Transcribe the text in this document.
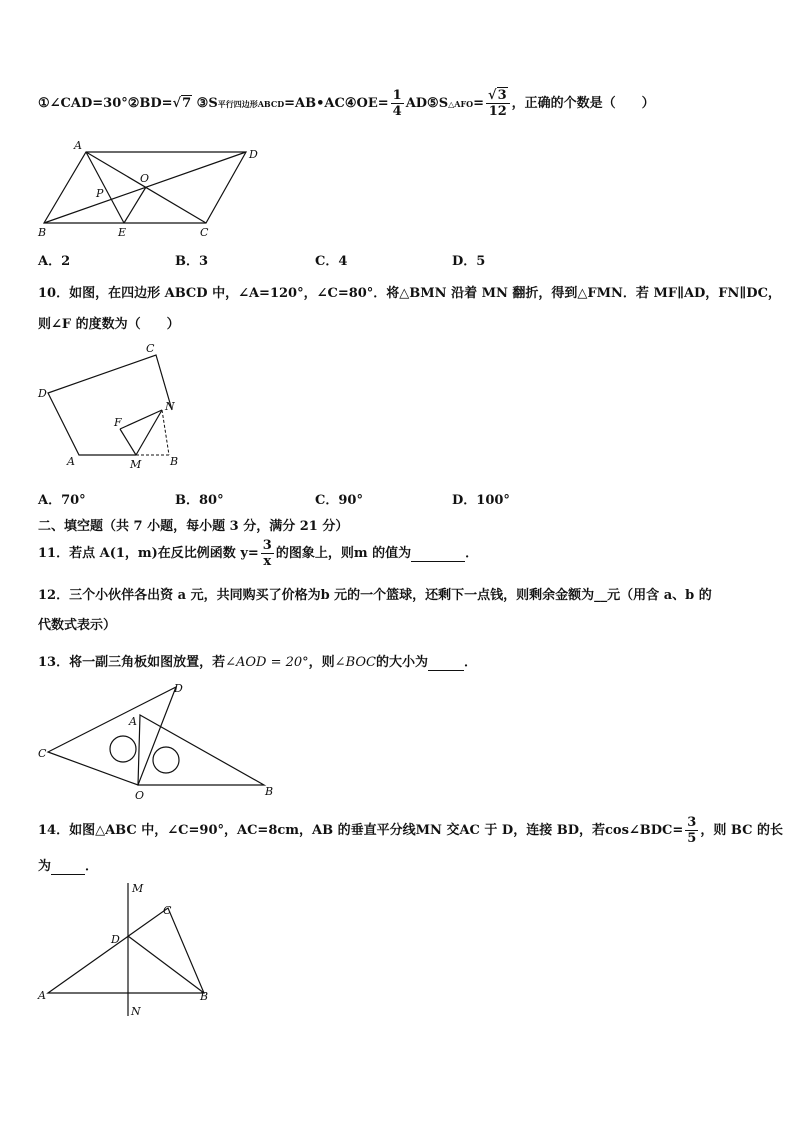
①∠CAD=30°②BD=√7 ③S平行四边形ABCD=AB•AC④OE= $\frac{1}{4}$ AD⑤S△AFO= $\frac{√3}{12}$ ，正确的个数是（　　）
A
D
O
P
B	E	C
A．2	B．3	C．4	D．5
10．如图，在四边形 ABCD 中，∠A=120°，∠C=80°．将△BMN 沿着 MN 翻折，得到△FMN．若 MF∥AD，FN∥DC，
则∠F 的度数为（　　）
C
D
N
F
A	M	B
A．70°	B．80°	C．90°	D．100°
二、填空题（共 7 小题，每小题 3 分，满分 21 分）
11．若点 A(1，m)在反比例函数 $y= \frac{3}{x}$ 的图象上，则m 的值为	．
12．三个小伙伴各出资 a 元，共同购买了价格为b 元的一个篮球，还剩下一点钱，则剩余金额为__元（用含 a、b 的
代数式表示）
13．将一副三角板如图放置，若∠AOD = 20°，则∠BOC的大小为	．
D
A
C
O	B
14．如图△ABC 中，∠C=90°，AC=8cm，AB 的垂直平分线MN 交AC 于 D，连接 BD，若cos∠BDC= $\frac{3}{5}$ ，则 BC 的长
为	．
M
C
D
A	B
N
